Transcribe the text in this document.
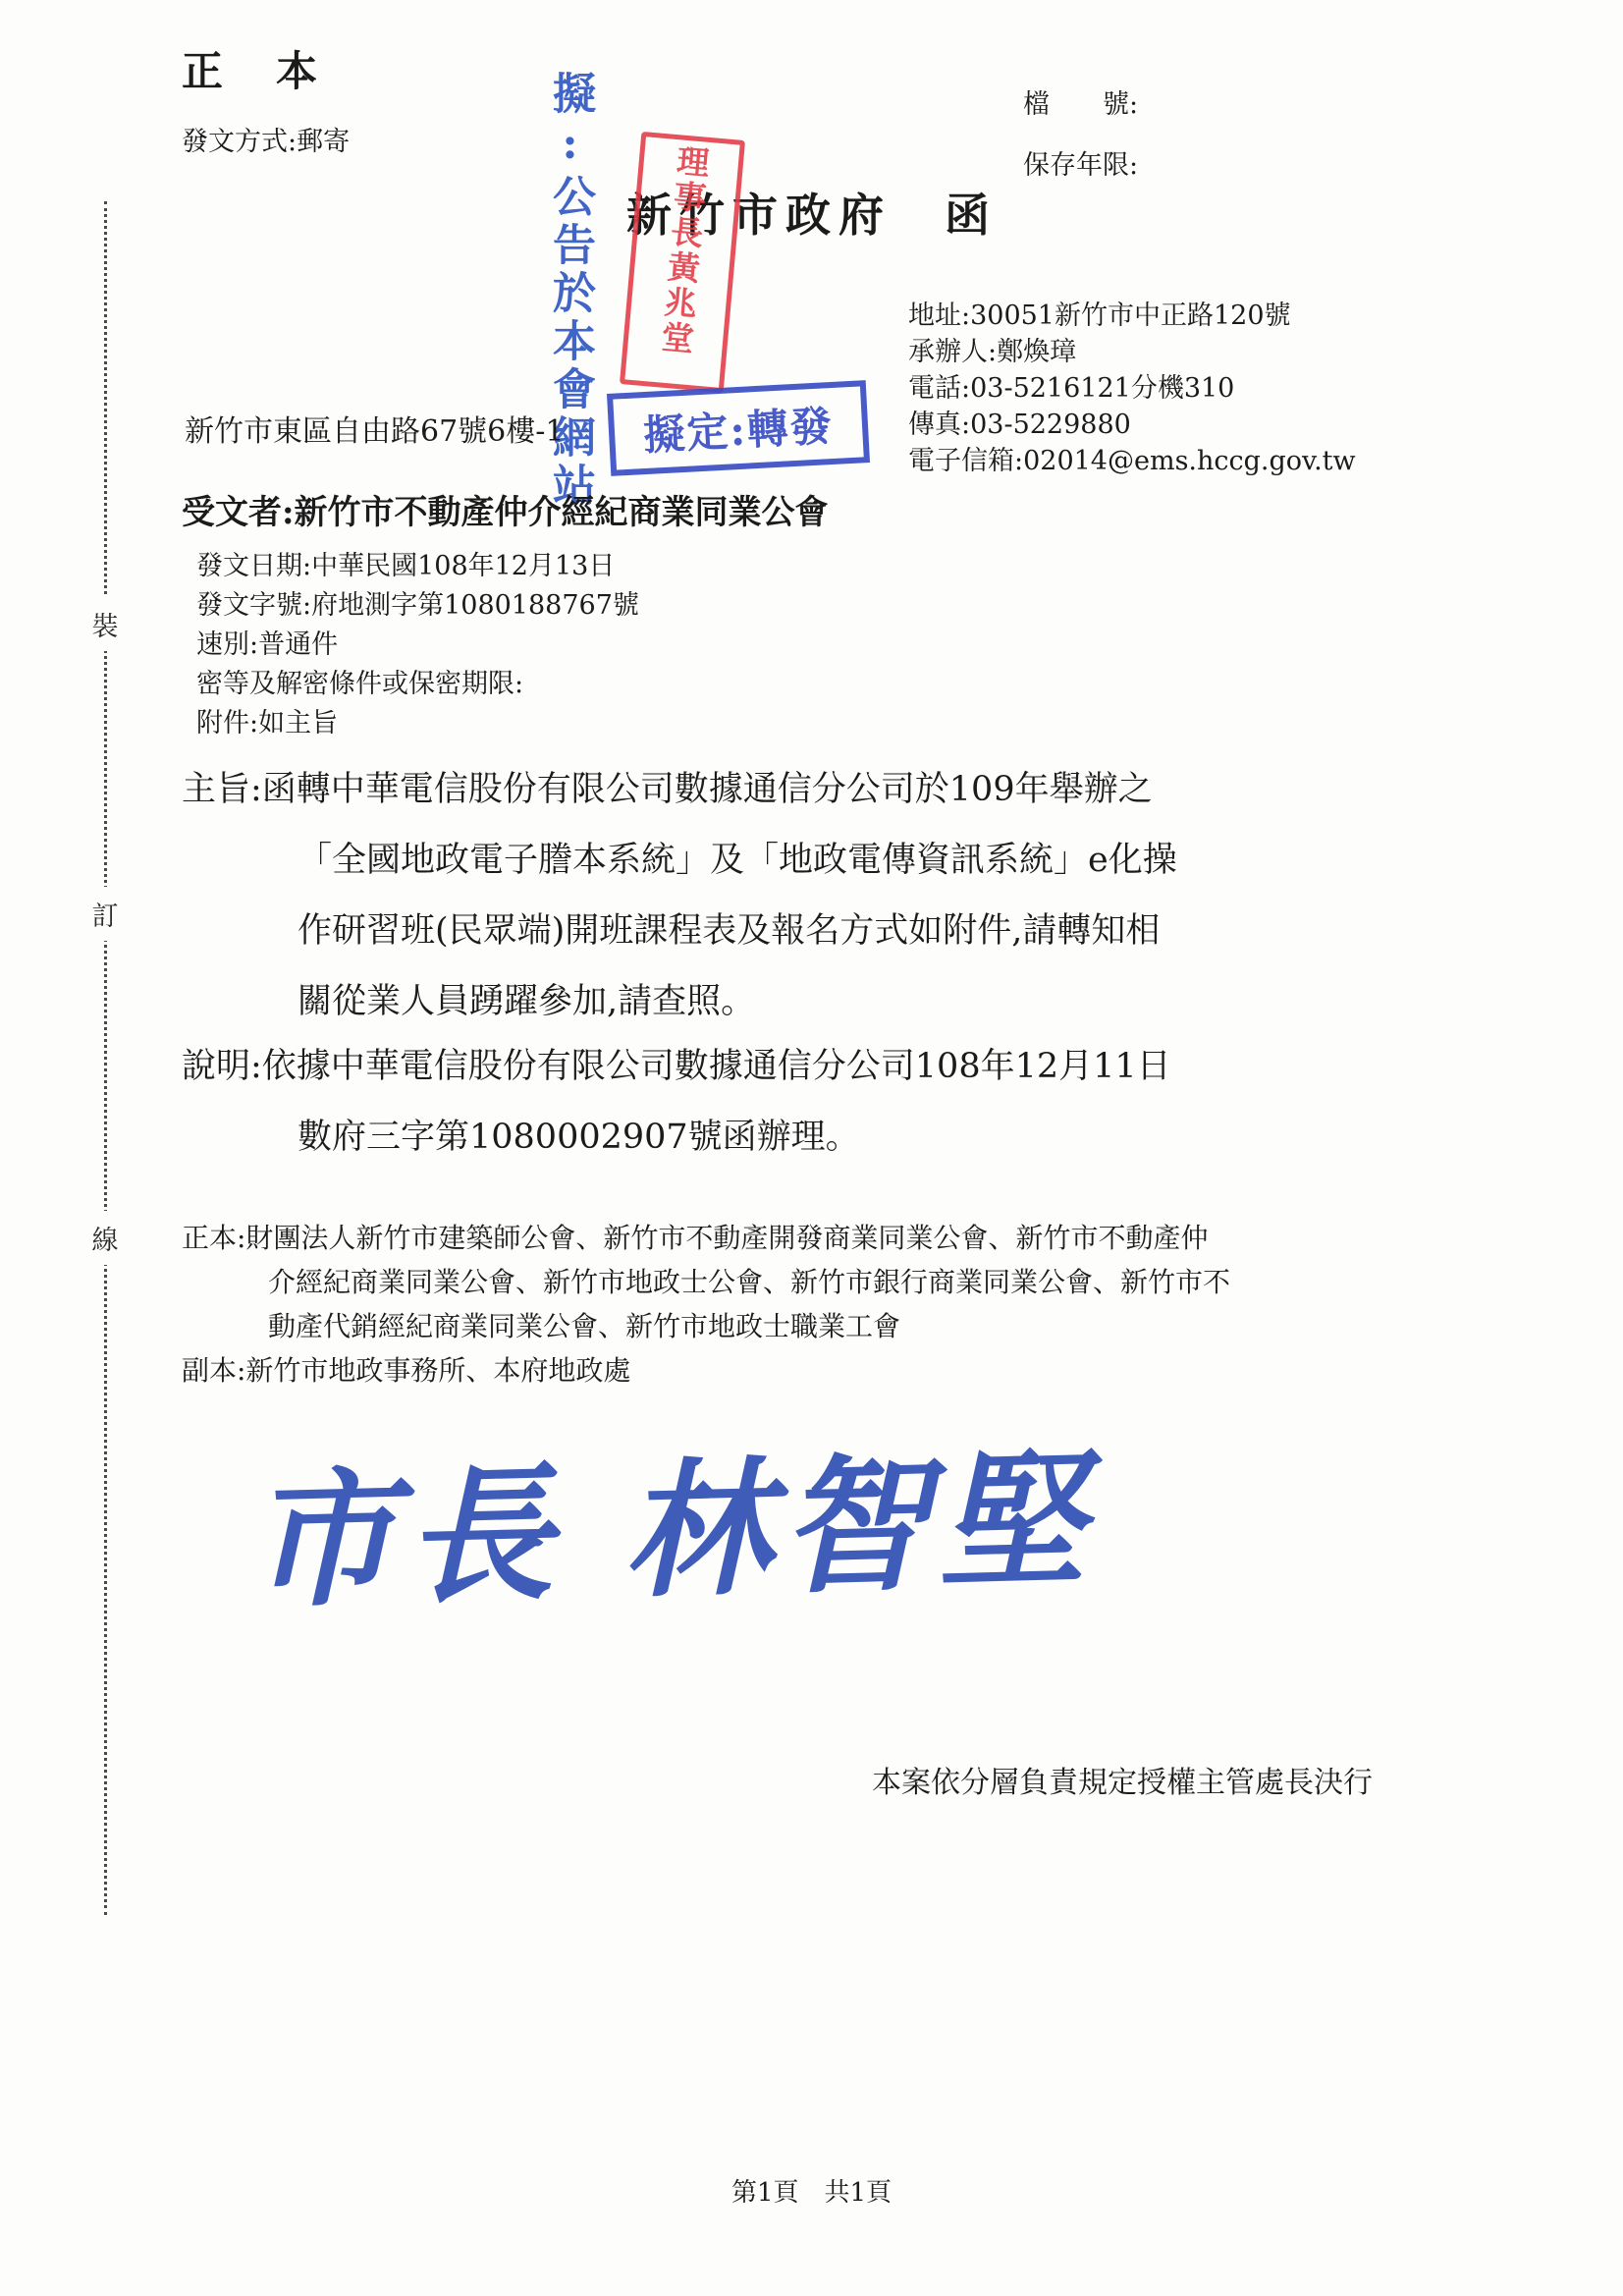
裝
訂
線
正　本
發文方式:郵寄
檔　　號:
保存年限:
新竹市政府　函
擬:公告於本會網站 理事長黃兆堂
擬定:轉發
地址:30051新竹市中正路120號
承辦人:鄭煥璋
電話:03-5216121分機310
傳真:03-5229880
電子信箱:02014@ems.hccg.gov.tw
新竹市東區自由路67號6樓-1
受文者:新竹市不動產仲介經紀商業同業公會
發文日期:中華民國108年12月13日
發文字號:府地測字第1080188767號
速別:普通件
密等及解密條件或保密期限:
附件:如主旨
主旨:函轉中華電信股份有限公司數據通信分公司於109年舉辦之
「全國地政電子謄本系統」及「地政電傳資訊系統」e化操
作研習班(民眾端)開班課程表及報名方式如附件,請轉知相
關從業人員踴躍參加,請查照。
說明:依據中華電信股份有限公司數據通信分公司108年12月11日
數府三字第1080002907號函辦理。
正本:財團法人新竹市建築師公會、新竹市不動產開發商業同業公會、新竹市不動產仲
介經紀商業同業公會、新竹市地政士公會、新竹市銀行商業同業公會、新竹市不
動產代銷經紀商業同業公會、新竹市地政士職業工會
副本:新竹市地政事務所、本府地政處
市長 林智堅
本案依分層負責規定授權主管處長決行
第1頁　共1頁
